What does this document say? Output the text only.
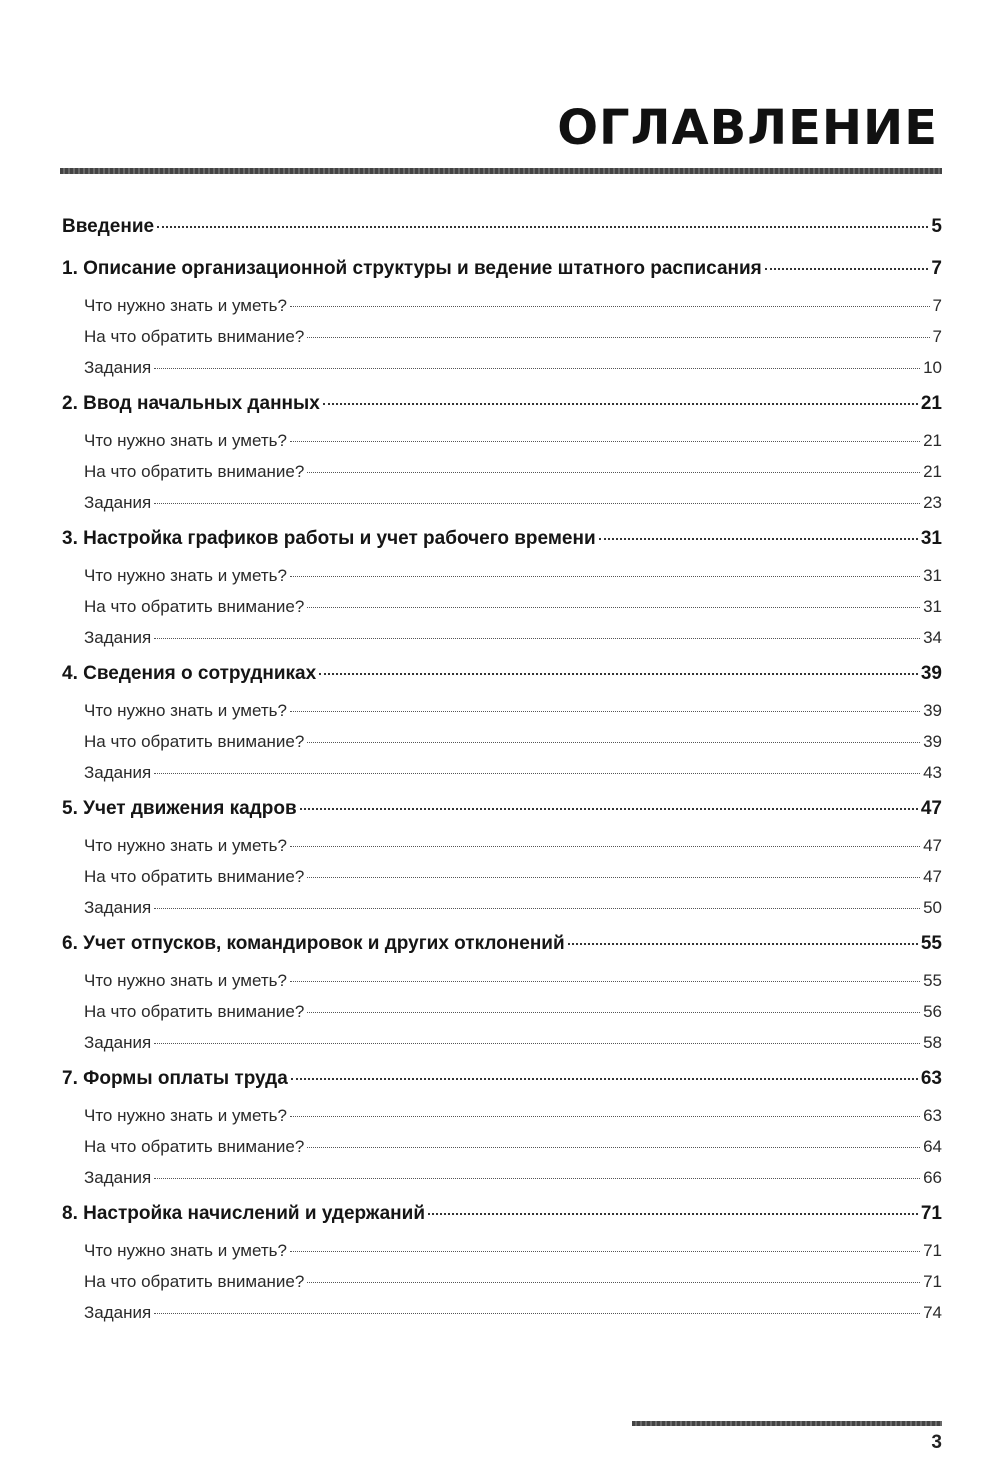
ОГЛАВЛЕНИЕ
Введение	5
1. Описание организационной структуры и ведение штатного расписания	7
Что нужно знать и уметь?	7
На что обратить внимание?	7
Задания	10
2. Ввод начальных данных	21
Что нужно знать и уметь?	21
На что обратить внимание?	21
Задания	23
3. Настройка графиков работы и учет рабочего времени	31
Что нужно знать и уметь?	31
На что обратить внимание?	31
Задания	34
4. Сведения о сотрудниках	39
Что нужно знать и уметь?	39
На что обратить внимание?	39
Задания	43
5. Учет движения кадров	47
Что нужно знать и уметь?	47
На что обратить внимание?	47
Задания	50
6. Учет отпусков, командировок и других отклонений	55
Что нужно знать и уметь?	55
На что обратить внимание?	56
Задания	58
7. Формы оплаты труда	63
Что нужно знать и уметь?	63
На что обратить внимание?	64
Задания	66
8. Настройка начислений и удержаний	71
Что нужно знать и уметь?	71
На что обратить внимание?	71
Задания	74
3
